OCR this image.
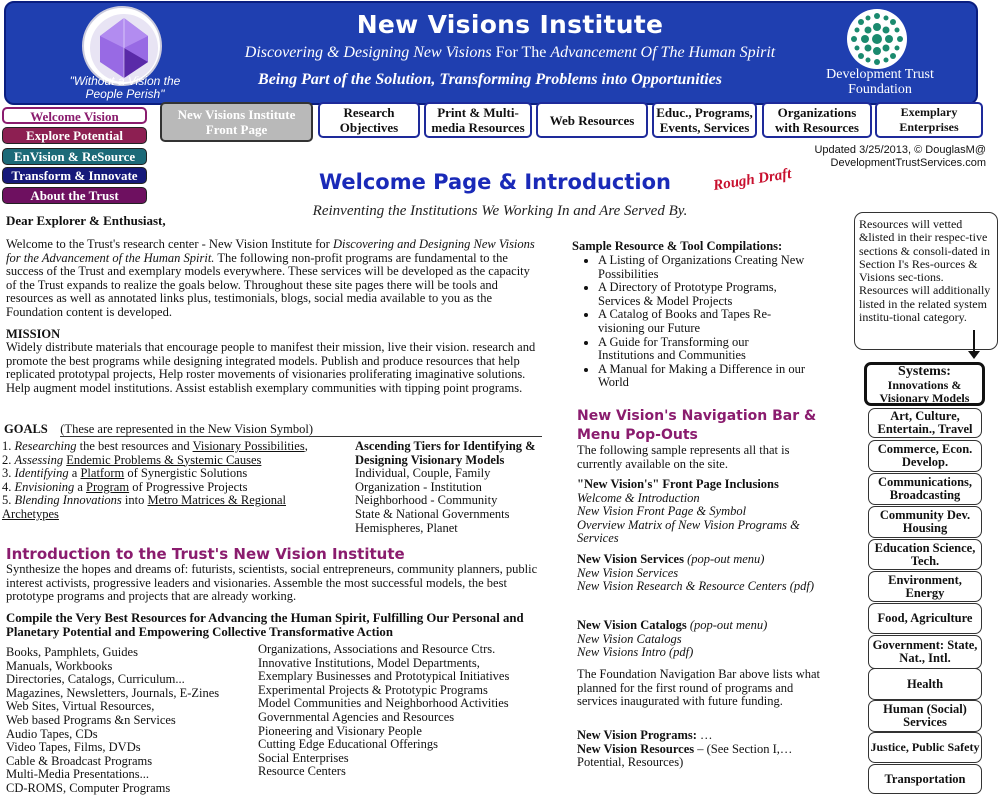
"Without a Vision the People Perish"
New Visions Institute
Discovering & Designing New Visions For The Advancement Of The Human Spirit
Being Part of the Solution, Transforming Problems into Opportunities	Development Trust Foundation
Welcome Vision
Explore Potential
EnVision & ReSource
Transform & Innovate
About the Trust
New Visions Institute Front Page
Research Objectives
Print & Multi-media Resources	Web Resources	Educ., Programs, Events, Services
Organizations with Resources
Exemplary Enterprises
Updated 3/25/2013, © DouglasM@ DevelopmentTrustServices.com
Welcome Page & Introduction	Rough Draft
Reinventing the Institutions We Working In and Are Served By.
Dear Explorer & Enthusiast,
Welcome to the Trust's research center - New Vision Institute for Discovering and Designing New Visions for the Advancement of the Human Spirit. The following non-profit programs are fundamental to the success of the Trust and exemplary models everywhere. These services will be developed as the capacity of the Trust expands to realize the goals below. Throughout these site pages there will be tools and resources as well as annotated links plus, testimonials, blogs, social media available to you as the Foundation content is developed.
MISSION
Widely distribute materials that encourage people to manifest their mission, live their vision. research and promote the best programs while designing integrated models. Publish and produce resources that help replicated prototypal projects, Help roster movements of visionaries proliferating imaginative solutions. Help augment model institutions. Assist establish exemplary communities with tipping point programs.
GOALS (These are represented in the New Vision Symbol)
1. Researching the best resources and Visionary Possibilities,
2. Assessing Endemic Problems & Systemic Causes
3. Identifying a Platform of Synergistic Solutions
4. Envisioning a Program of Progressive Projects
5. Blending Innovations into Metro Matrices & Regional Archetypes
Ascending Tiers for Identifying & Designing Visionary Models
Individual, Couple, Family
Organization - Institution
Neighborhood - Community
State & National Governments
Hemispheres, Planet
Introduction to the Trust's New Vision Institute
Synthesize the hopes and dreams of: futurists, scientists, social entrepreneurs, community planners, public interest activists, progressive leaders and visionaries. Assemble the most successful models, the best prototype programs and projects that are already working.
Compile the Very Best Resources for Advancing the Human Spirit, Fulfilling Our Personal and Planetary Potential and Empowering Collective Transformative Action
Books, Pamphlets, Guides
Manuals, Workbooks
Directories, Catalogs, Curriculum...
Magazines, Newsletters, Journals, E-Zines
Web Sites, Virtual Resources,
Web based Programs &n Services
Audio Tapes, CDs
Video Tapes, Films, DVDs
Cable & Broadcast Programs
Multi-Media Presentations...
CD-ROMS, Computer Programs
Organizations, Associations and Resource Ctrs.
Innovative Institutions, Model Departments,
Exemplary Businesses and Prototypical Initiatives
Experimental Projects & Prototypic Programs
Model Communities and Neighborhood Activities
Governmental Agencies and Resources
Pioneering and Visionary People
Cutting Edge Educational Offerings
Social Enterprises
Resource Centers
Sample Resource & Tool Compilations:
• A Listing of Organizations Creating New Possibilities
• A Directory of Prototype Programs, Services & Model Projects
• A Catalog of Books and Tapes Re-visioning our Future
• A Guide for Transforming our Institutions and Communities
• A Manual for Making a Difference in our World
New Vision's Navigation Bar & Menu Pop-Outs
The following sample represents all that is currently available on the site.
"New Vision's" Front Page Inclusions
Welcome & Introduction
New Vision Front Page & Symbol
Overview Matrix of New Vision Programs & Services
New Vision Services (pop-out menu)
New Vision Services
New Vision Research & Resource Centers (pdf)
New Vision Catalogs (pop-out menu)
New Vision Catalogs
New Visions Intro (pdf)
The Foundation Navigation Bar above lists what planned for the first round of programs and services inaugurated with future funding.
New Vision Programs: …
New Vision Resources – (See Section I,… Potential, Resources)
Resources will vetted &listed in their respec-tive sections & consoli-dated in Section I's Res-ources & Visions sec-tions. Resources will additionally listed in the related system institu-tional category.
Systems:
Innovations & Visionary Models
Art, Culture, Entertain., Travel
Commerce, Econ. Develop.
Communications, Broadcasting
Community Dev. Housing
Education Science, Tech.
Environment, Energy
Food, Agriculture
Government: State, Nat., Intl.
Health
Human (Social) Services
Justice, Public Safety
Transportation
